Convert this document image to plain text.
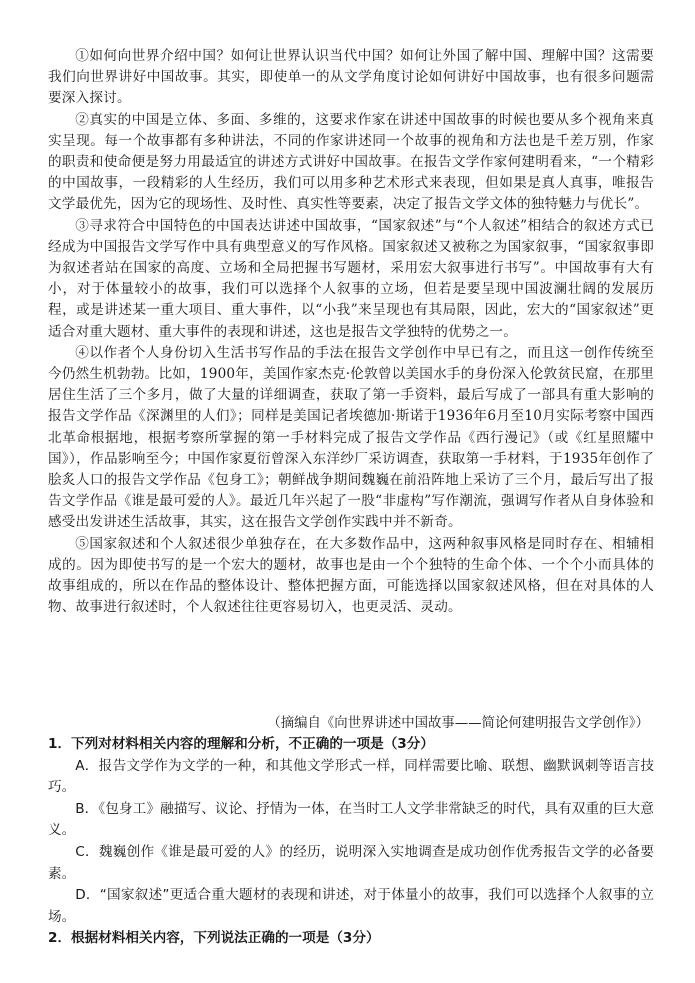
①如何向世界介绍中国？如何让世界认识当代中国？如何让外国了解中国、理解中国？这需要我们向世界讲好中国故事。其实，即使单一的从文学角度讨论如何讲好中国故事，也有很多问题需要深入探讨。

②真实的中国是立体、多面、多维的，这要求作家在讲述中国故事的时候也要从多个视角来真实呈现。每一个故事都有多种讲法，不同的作家讲述同一个故事的视角和方法也是千差万别，作家的职责和使命便是努力用最适宜的讲述方式讲好中国故事。在报告文学作家何建明看来，“一个精彩的中国故事，一段精彩的人生经历，我们可以用多种艺术形式来表现，但如果是真人真事，唯报告文学最优先，因为它的现场性、及时性、真实性等要素，决定了报告文学文体的独特魅力与优长”。

③寻求符合中国特色的中国表达讲述中国故事，“国家叙述”与“个人叙述”相结合的叙述方式已经成为中国报告文学写作中具有典型意义的写作风格。国家叙述又被称之为国家叙事，“国家叙事即为叙述者站在国家的高度、立场和全局把握书写题材，采用宏大叙事进行书写”。中国故事有大有小，对于体量较小的故事，我们可以选择个人叙事的立场，但若是要呈现中国波澜壮阔的发展历程，或是讲述某一重大项目、重大事件，以“小我”来呈现也有其局限，因此，宏大的“国家叙述”更适合对重大题材、重大事件的表现和讲述，这也是报告文学独特的优势之一。

④以作者个人身份切入生活书写作品的手法在报告文学创作中早已有之，而且这一创作传统至今仍然生机勃勃。比如，1900年，美国作家杰克·伦敦曾以美国水手的身份深入伦敦贫民窟，在那里居住生活了三个多月，做了大量的详细调查，获取了第一手资料，最后写成了一部具有重大影响的报告文学作品《深渊里的人们》；同样是美国记者埃德加·斯诺于1936年6月至10月实际考察中国西北革命根据地，根据考察所掌握的第一手材料完成了报告文学作品《西行漫记》（或《红星照耀中国》），作品影响至今；中国作家夏衍曾深入东洋纱厂采访调查，获取第一手材料，于1935年创作了脍炙人口的报告文学作品《包身工》；朝鲜战争期间魏巍在前沿阵地上采访了三个月，最后写出了报告文学作品《谁是最可爱的人》。最近几年兴起了一股“非虚构”写作潮流，强调写作者从自身体验和感受出发讲述生活故事，其实，这在报告文学创作实践中并不新奇。

⑤国家叙述和个人叙述很少单独存在，在大多数作品中，这两种叙事风格是同时存在、相辅相成的。因为即使书写的是一个宏大的题材，故事也是由一个个独特的生命个体、一个个小而具体的故事组成的，所以在作品的整体设计、整体把握方面，可能选择以国家叙述风格，但在对具体的人物、故事进行叙述时，个人叙述往往更容易切入，也更灵活、灵动。

（摘编自《向世界讲述中国故事——简论何建明报告文学创作》）

1．下列对材料相关内容的理解和分析，不正确的一项是（3分）

A．报告文学作为文学的一种，和其他文学形式一样，同样需要比喻、联想、幽默讽刺等语言技巧。

B．《包身工》融描写、议论、抒情为一体，在当时工人文学非常缺乏的时代，具有双重的巨大意义。

C．魏巍创作《谁是最可爱的人》的经历，说明深入实地调查是成功创作优秀报告文学的必备要素。

D．“国家叙述”更适合重大题材的表现和讲述，对于体量小的故事，我们可以选择个人叙事的立场。

2．根据材料相关内容，下列说法正确的一项是（3分）
